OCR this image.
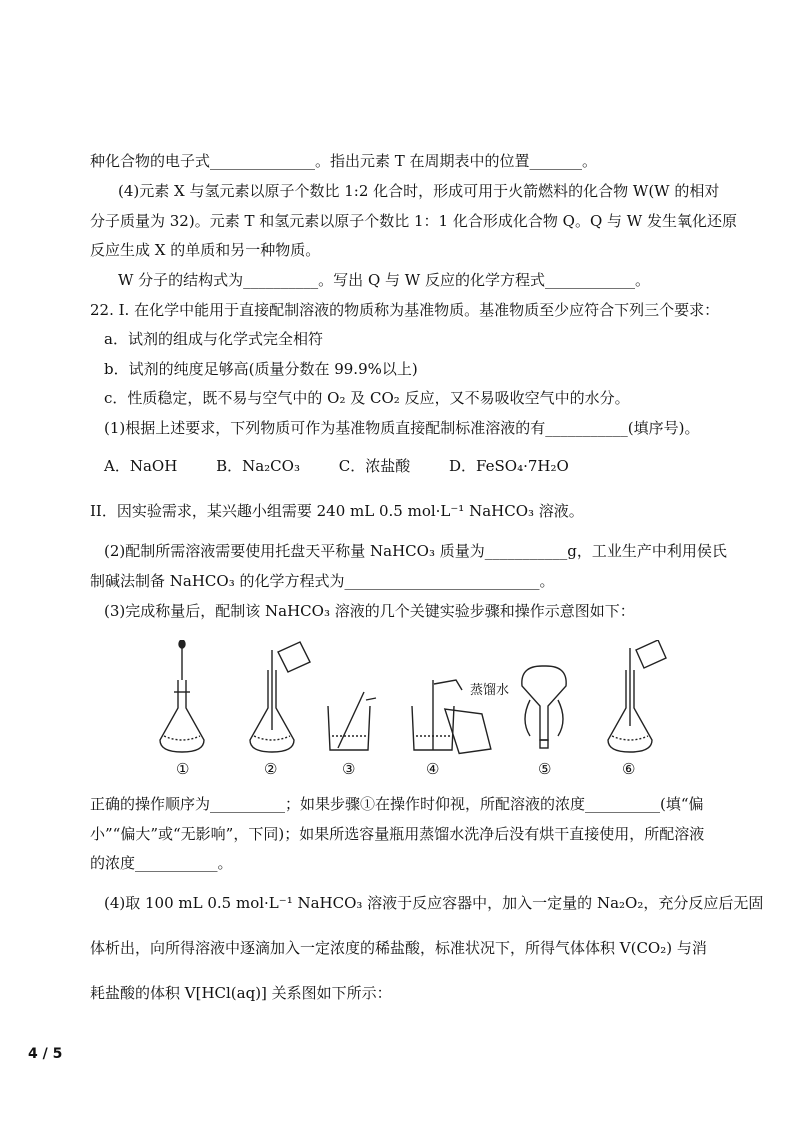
种化合物的电子式______________。指出元素 T 在周期表中的位置_______。
(4)元素 X 与氢元素以原子个数比 1:2 化合时，形成可用于火箭燃料的化合物 W(W 的相对
分子质量为 32)。元素 T 和氢元素以原子个数比 1：1 化合形成化合物 Q。Q 与 W 发生氧化还原
反应生成 X 的单质和另一种物质。
W 分子的结构式为__________。写出 Q 与 W 反应的化学方程式____________。
22. I. 在化学中能用于直接配制溶液的物质称为基准物质。基准物质至少应符合下列三个要求：
a．试剂的组成与化学式完全相符
b．试剂的纯度足够高(质量分数在 99.9%以上)
c．性质稳定，既不易与空气中的 O₂ 及 CO₂ 反应，又不易吸收空气中的水分。
(1)根据上述要求，下列物质可作为基准物质直接配制标准溶液的有___________(填序号)。
A．NaOH	B．Na₂CO₃	C．浓盐酸	D．FeSO₄·7H₂O
II．因实验需求，某兴趣小组需要 240 mL 0.5 mol·L⁻¹ NaHCO₃ 溶液。
(2)配制所需溶液需要使用托盘天平称量 NaHCO₃ 质量为___________g，工业生产中利用侯氏
制碱法制备 NaHCO₃ 的化学方程式为__________________________。
(3)完成称量后，配制该 NaHCO₃ 溶液的几个关键实验步骤和操作示意图如下：
蒸馏水
①	②	③	④	⑤	⑥
正确的操作顺序为__________；如果步骤①在操作时仰视，所配溶液的浓度__________(填“偏
小”“偏大”或“无影响”，下同)；如果所选容量瓶用蒸馏水洗净后没有烘干直接使用，所配溶液
的浓度___________。
(4)取 100 mL 0.5 mol·L⁻¹ NaHCO₃ 溶液于反应容器中，加入一定量的 Na₂O₂，充分反应后无固
体析出，向所得溶液中逐滴加入一定浓度的稀盐酸，标准状况下，所得气体体积 V(CO₂) 与消
耗盐酸的体积 V[HCl(aq)] 关系图如下所示：
4 / 5
